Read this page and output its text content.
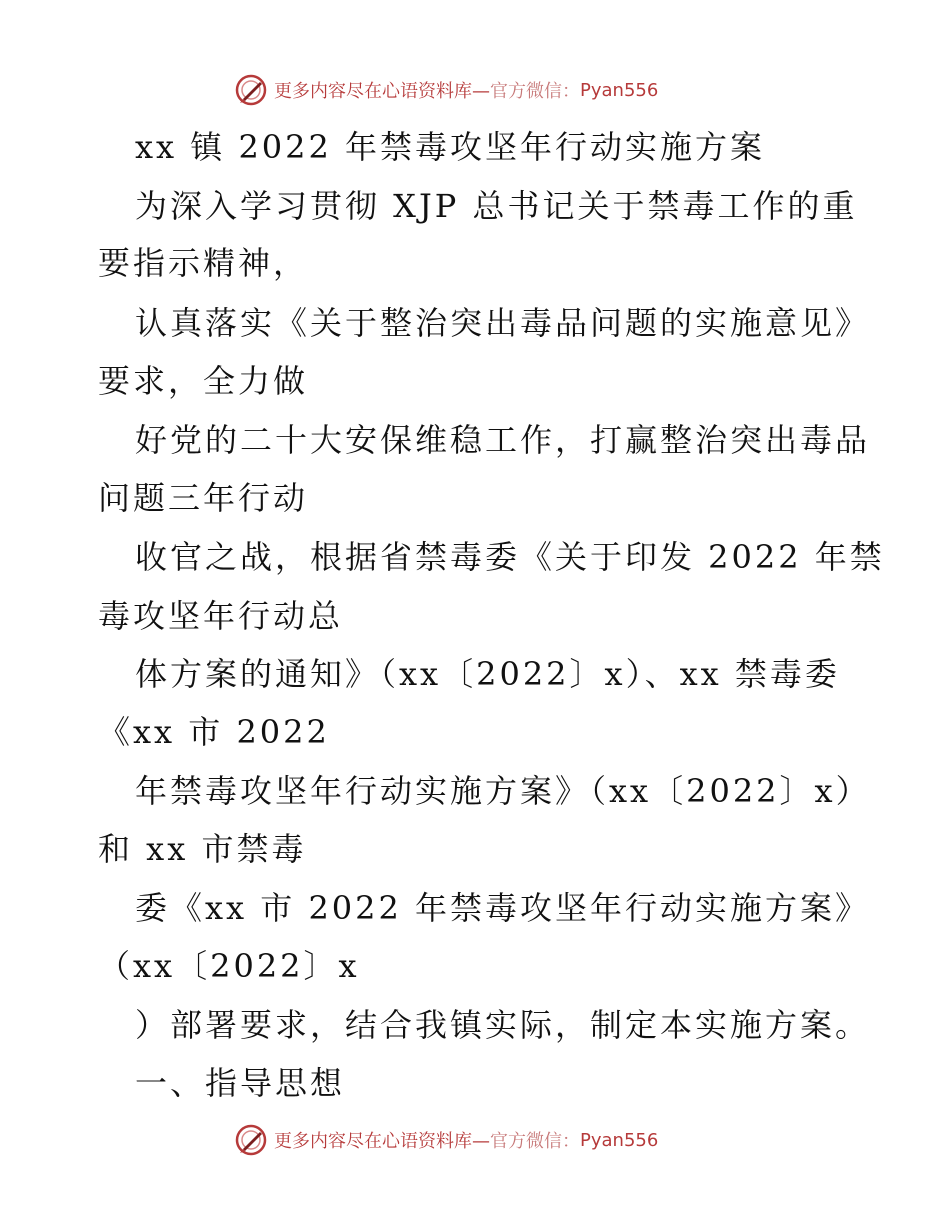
更多内容尽在心语资料库— 官方微信： Pyan556
xx 镇 2022 年禁毒攻坚年行动实施方案
为深入学习贯彻 XJP 总书记关于禁毒工作的重
要指示精神，
认真落实《关于整治突出毒品问题的实施意见》
要求，全力做
好党的二十大安保维稳工作，打赢整治突出毒品
问题三年行动
收官之战，根据省禁毒委《关于印发 2022 年禁
毒攻坚年行动总
体方案的通知》（xx〔2022〕x）、xx 禁毒委
《xx 市 2022
年禁毒攻坚年行动实施方案》（xx〔2022〕x）
和 xx 市禁毒
委《xx 市 2022 年禁毒攻坚年行动实施方案》
（xx〔2022〕x
）部署要求，结合我镇实际，制定本实施方案。
一、指导思想
更多内容尽在心语资料库— 官方微信： Pyan556
